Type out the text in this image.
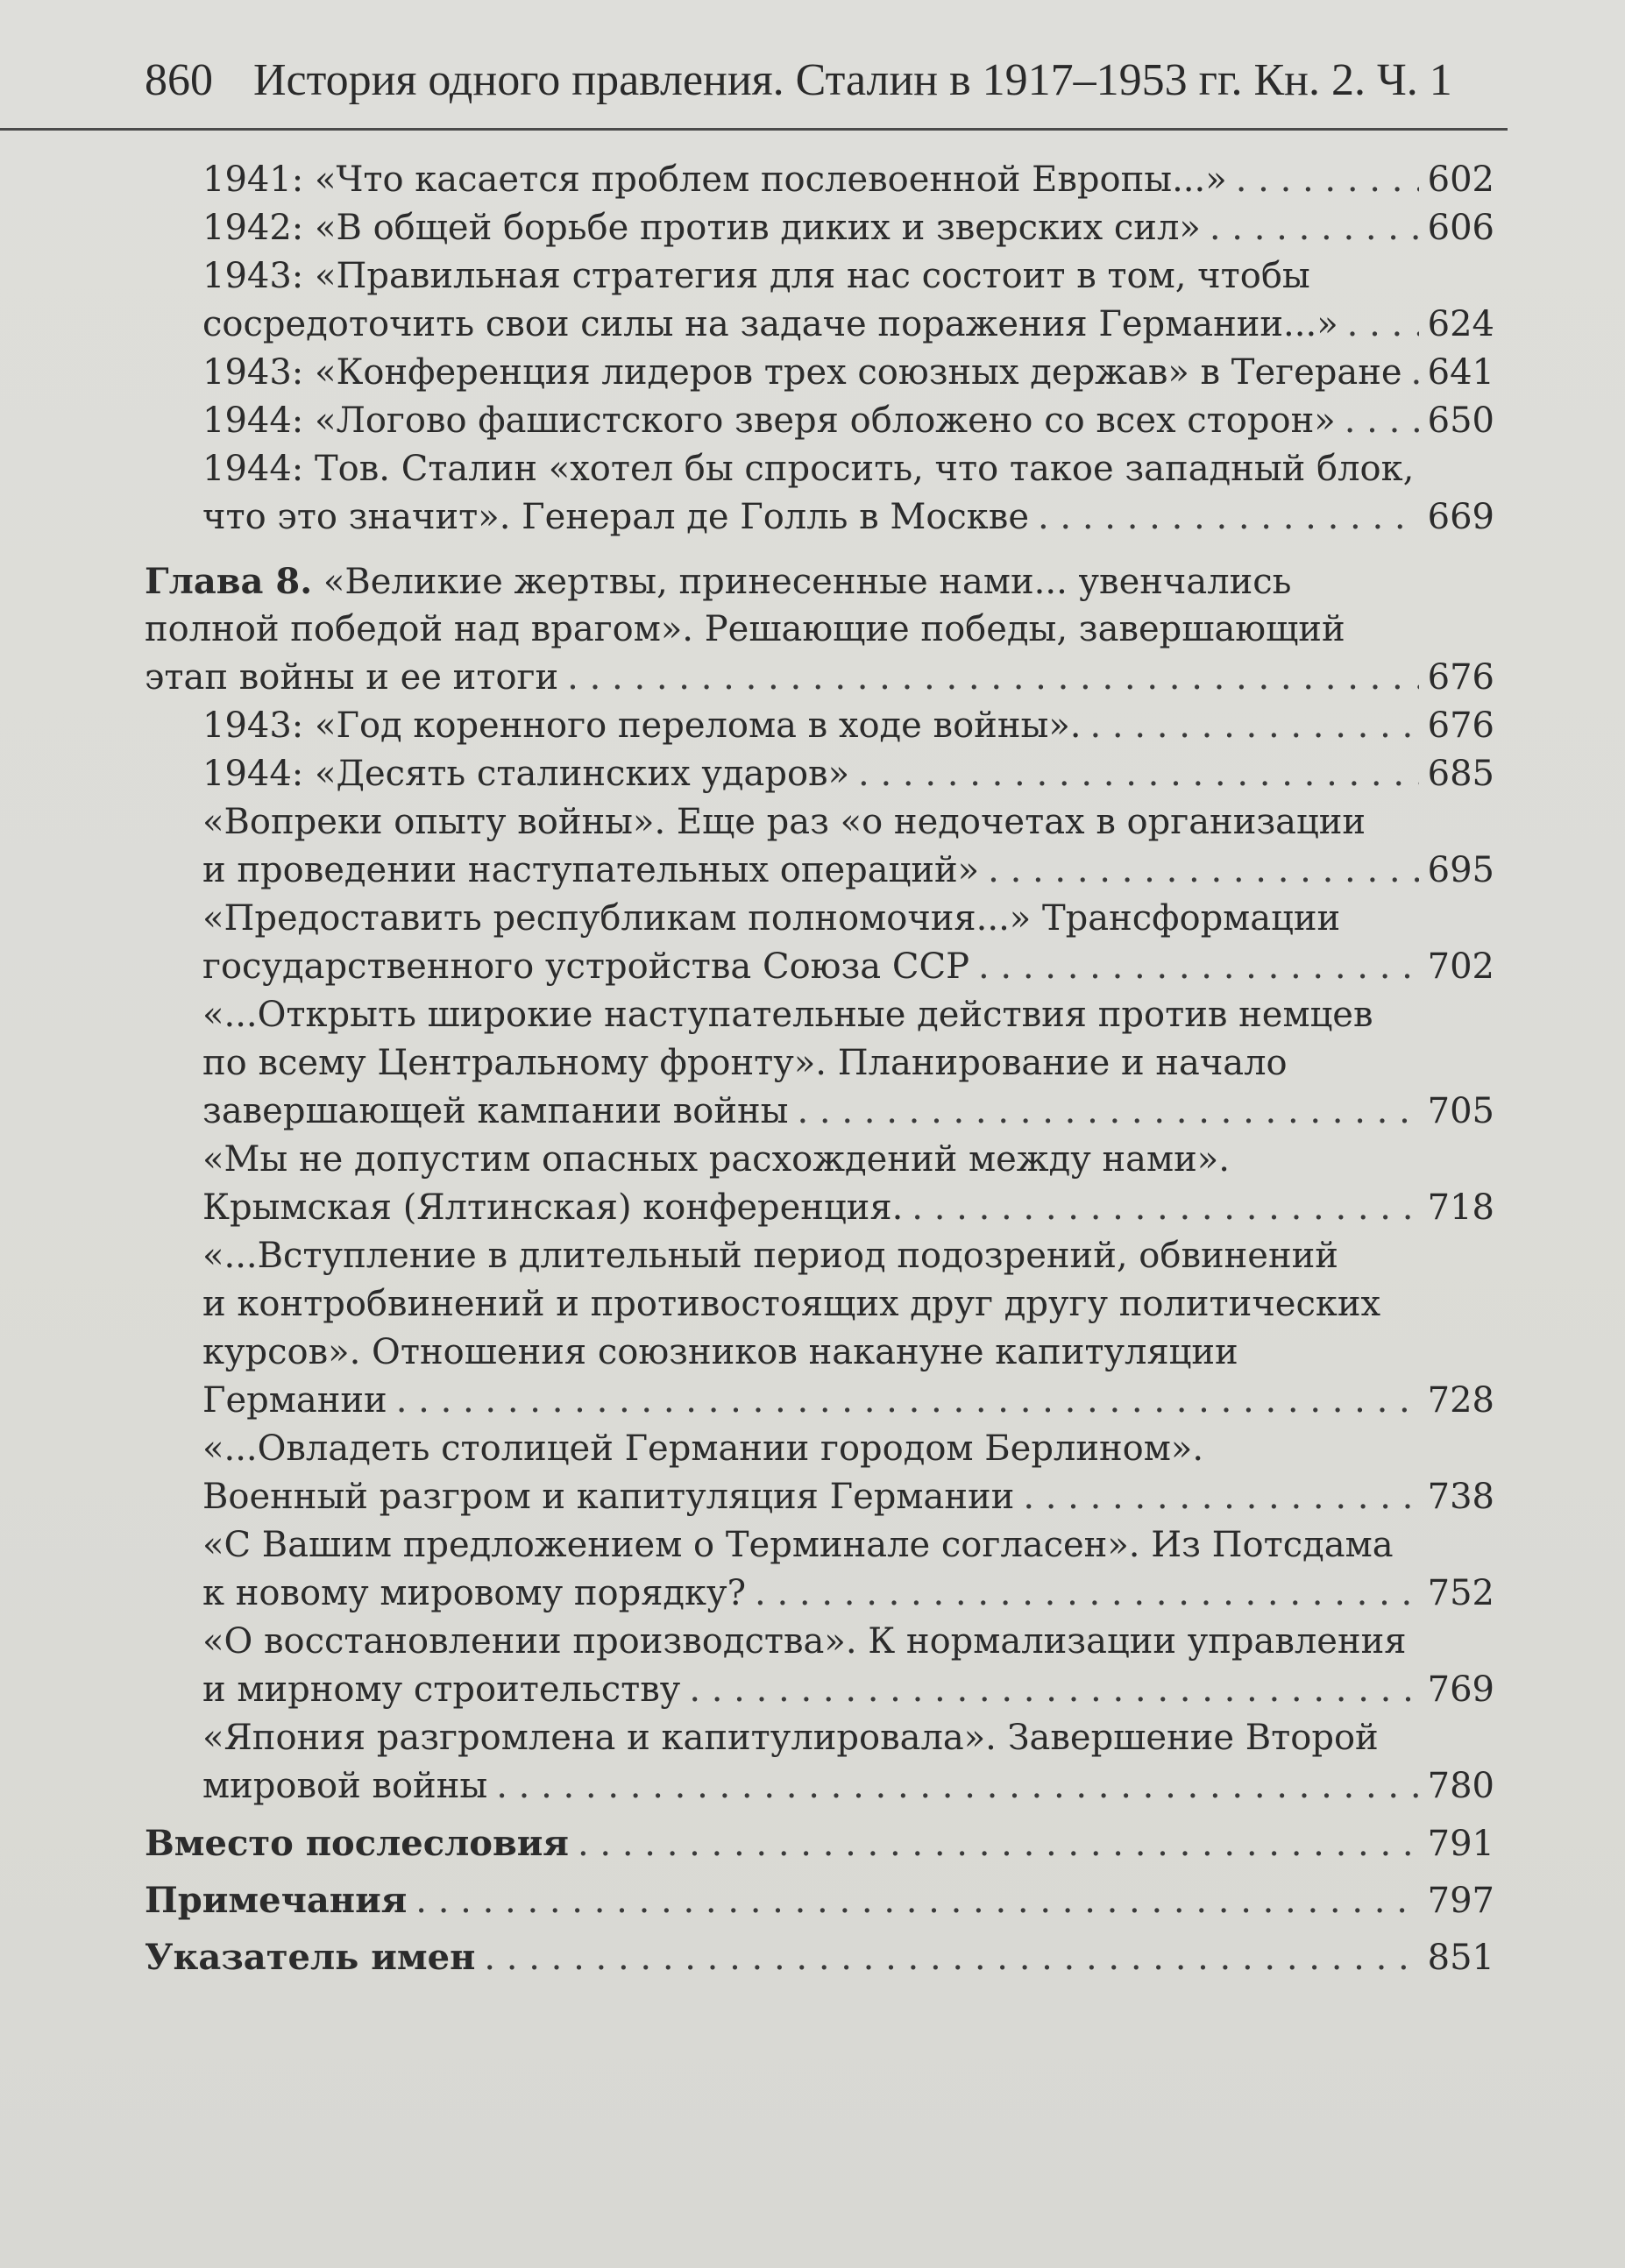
860 История одного правления. Сталин в 1917–1953 гг. Кн. 2. Ч. 1
1941: «Что касается проблем послевоенной Европы...» . . .	602
1942: «В общей борьбе против диких и зверских сил» . . .	606
1943: «Правильная стратегия для нас состоит в том, чтобы
сосредоточить свои силы на задаче поражения Германии...» . . .	624
1943: «Конференция лидеров трех союзных держав» в Тегеране . . . 641
1944: «Логово фашистского зверя обложено со всех сторон» . . .	650
1944: Тов. Сталин «хотел бы спросить, что такое западный блок,
что это значит». Генерал де Голль в Москве . . .	669
Глава 8.
«Великие жертвы, принесенные нами... увенчались
полной победой над врагом». Решающие победы, завершающий
этап войны и ее итоги . . .	676
1943: «Год коренного перелома в ходе войны». . . .	676
1944: «Десять сталинских ударов» . . .	685
«Вопреки опыту войны». Еще раз «о недочетах в организации
и проведении наступательных операций» . . .	695
«Предоставить республикам полномочия...» Трансформации
государственного устройства Союза ССР . . .	702
«...Открыть широкие наступательные действия против немцев
по всему Центральному фронту». Планирование и начало
завершающей кампании войны . . .	705
«Мы не допустим опасных расхождений между нами».
Крымская (Ялтинская) конференция. . . .	718
«...Вступление в длительный период подозрений, обвинений
и контробвинений и противостоящих друг другу политических
курсов». Отношения союзников накануне капитуляции
Германии . . .	728
«...Овладеть столицей Германии городом Берлином».
Военный разгром и капитуляция Германии . . .	738
«С Вашим предложением о Терминале согласен». Из Потсдама
к новому мировому порядку? . . .	752
«О восстановлении производства». К нормализации управления
и мирному строительству . . .	769
«Япония разгромлена и капитулировала». Завершение Второй
мировой войны . . .	780
Вместо послесловия . . .	791
Примечания . . .	797
Указатель имен . . .	851
